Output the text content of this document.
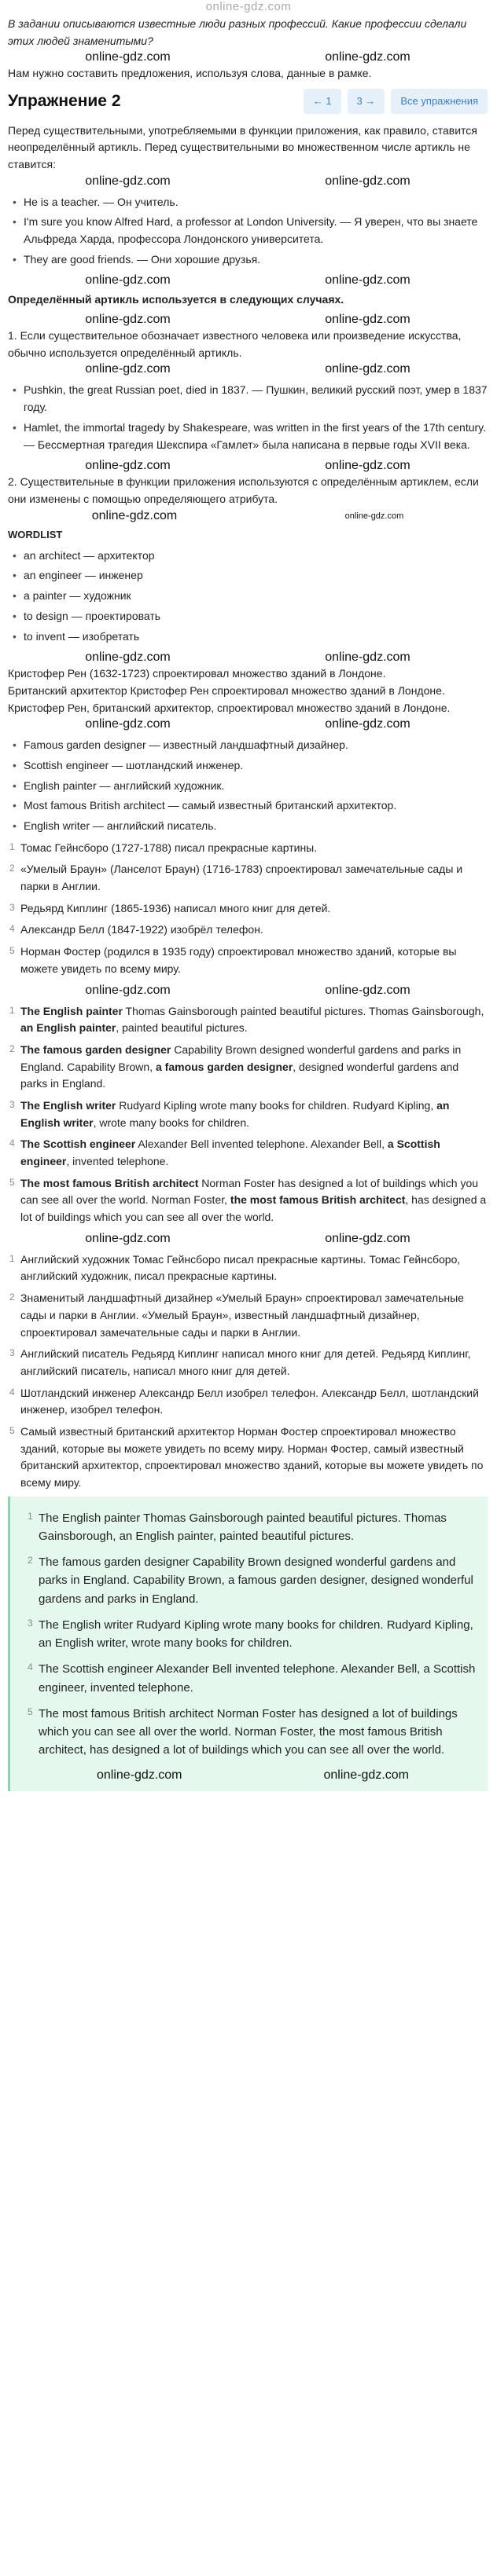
online-gdz.com

В задании описываются известные люди разных профессий. Какие профессии сделали этих людей знаменитыми?

online-gdz.com	online-gdz.com

Нам нужно составить предложения, используя слова, данные в рамке.

Упражнение 2	← 1	3 →	Все упражнения

Перед существительными, употребляемыми в функции приложения, как правило, ставится неопределённый артикль. Перед существительными во множественном числе артикль не ставится:

online-gdz.com	online-gdz.com
• He is a teacher. — Он учитель.
• I'm sure you know Alfred Hard, a professor at London University. — Я уверен, что вы знаете Альфреда Харда, профессора Лондонского университета.
• They are good friends. — Они хорошие друзья.
online-gdz.com	online-gdz.com

Определённый артикль используется в следующих случаях.

online-gdz.com	online-gdz.com

1. Если существительное обозначает известного человека или произведение искусства, обычно используется определённый артикль.

online-gdz.com	online-gdz.com
• Pushkin, the great Russian poet, died in 1837. — Пушкин, великий русский поэт, умер в 1837 году.
• Hamlet, the immortal tragedy by Shakespeare, was written in the first years of the 17th century. — Бессмертная трагедия Шекспира «Гамлет» была написана в первые годы XVII века.
online-gdz.com	online-gdz.com

2. Существительные в функции приложения используются с определённым артиклем, если они изменены с помощью определяющего атрибута.

online-gdz.com	online-gdz.com

WORDLIST

• an architect — архитектор
• an engineer — инженер
• a painter — художник
• to design — проектировать
• to invent — изобретать
online-gdz.com	online-gdz.com

Кристофер Рен (1632-1723) спроектировал множество зданий в Лондоне.

Британский архитектор Кристофер Рен спроектировал множество зданий в Лондоне.

Кристофер Рен, британский архитектор, спроектировал множество зданий в Лондоне.

online-gdz.com	online-gdz.com
• Famous garden designer — известный ландшафтный дизайнер.
• Scottish engineer — шотландский инженер.
• English painter — английский художник.
• Most famous British architect — самый известный британский архитектор.
• English writer — английский писатель.
1 Томас Гейнсборо (1727-1788) писал прекрасные картины.
2 «Умелый Браун» (Ланселот Браун) (1716-1783) спроектировал замечательные сады и парки в Англии.
3 Редьярд Киплинг (1865-1936) написал много книг для детей.
4 Александр Белл (1847-1922) изобрёл телефон.
5 Норман Фостер (родился в 1935 году) спроектировал множество зданий, которые вы можете увидеть по всему миру.
online-gdz.com	online-gdz.com
1 The English painter Thomas Gainsborough painted beautiful pictures. Thomas Gainsborough, an English painter, painted beautiful pictures.
2 The famous garden designer Capability Brown designed wonderful gardens and parks in England. Capability Brown, a famous garden designer, designed wonderful gardens and parks in England.
3 The English writer Rudyard Kipling wrote many books for children. Rudyard Kipling, an English writer, wrote many books for children.
4 The Scottish engineer Alexander Bell invented telephone. Alexander Bell, a Scottish engineer, invented telephone.
5 The most famous British architect Norman Foster has designed a lot of buildings which you can see all over the world. Norman Foster, the most famous British architect, has designed a lot of buildings which you can see all over the world.
online-gdz.com	online-gdz.com
1 Английский художник Томас Гейнсборо писал прекрасные картины. Томас Гейнсборо, английский художник, писал прекрасные картины.
2 Знаменитый ландшафтный дизайнер «Умелый Браун» спроектировал замечательные сады и парки в Англии. «Умелый Браун», известный ландшафтный дизайнер, спроектировал замечательные сады и парки в Англии.
3 Английский писатель Редьярд Киплинг написал много книг для детей. Редьярд Киплинг, английский писатель, написал много книг для детей.
4 Шотландский инженер Александр Белл изобрел телефон. Александр Белл, шотландский инженер, изобрел телефон.
5 Самый известный британский архитектор Норман Фостер спроектировал множество зданий, которые вы можете увидеть по всему миру. Норман Фостер, самый известный британский архитектор, спроектировал множество зданий, которые вы можете увидеть по всему миру.
1 The English painter Thomas Gainsborough painted beautiful pictures. Thomas Gainsborough, an English painter, painted beautiful pictures.
2 The famous garden designer Capability Brown designed wonderful gardens and parks in England. Capability Brown, a famous garden designer, designed wonderful gardens and parks in England.
3 The English writer Rudyard Kipling wrote many books for children. Rudyard Kipling, an English writer, wrote many books for children.
4 The Scottish engineer Alexander Bell invented telephone. Alexander Bell, a Scottish engineer, invented telephone.
5 The most famous British architect Norman Foster has designed a lot of buildings which you can see all over the world. Norman Foster, the most famous British architect, has designed a lot of buildings which you can see all over the world.
online-gdz.com	online-gdz.com
